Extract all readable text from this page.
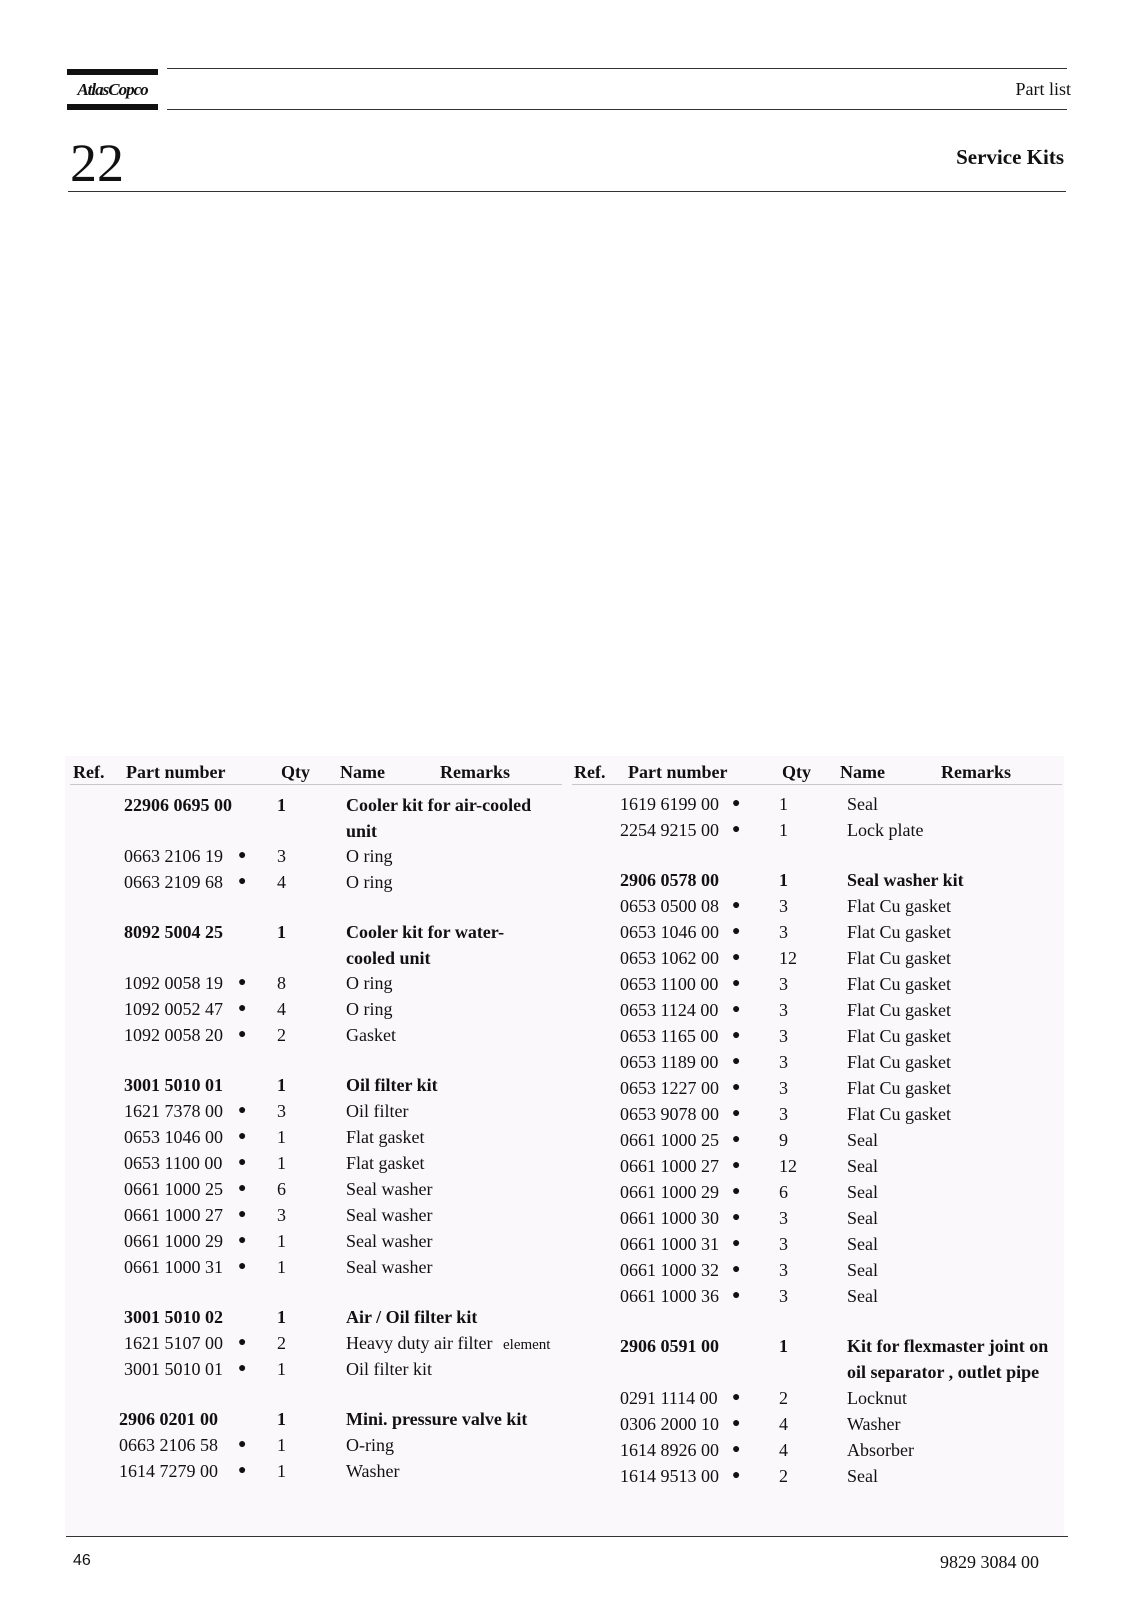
AtlasCopco	Part list
22	Service Kits
Ref. Part number	Qty Name	Remarks	Ref. Part number	Qty Name	Remarks
22906 0695 00	1	Cooler kit for air-cooled
unit
0663 2106 19 ● 3	O ring
0663 2109 68 ● 4	O ring
8092 5004 25	1	Cooler kit for water-
cooled unit
1092 0058 19 ● 8	O ring
1092 0052 47 ● 4	O ring
1092 0058 20 ● 2	Gasket
3001 5010 01	1	Oil filter kit
1621 7378 00 ● 3	Oil filter
0653 1046 00 ● 1	Flat gasket
0653 1100 00 ● 1	Flat gasket
0661 1000 25 ● 6	Seal washer
0661 1000 27 ● 3	Seal washer
0661 1000 29 ● 1	Seal washer
0661 1000 31 ● 1	Seal washer
3001 5010 02	1	Air / Oil filter kit
1621 5107 00 ● 2	Heavy duty air filter element
3001 5010 01 ● 1	Oil filter kit
2906 0201 00	1	Mini. pressure valve kit
0663 2106 58 ● 1	O-ring
1614 7279 00 ● 1	Washer
1619 6199 00 ● 1	Seal
2254 9215 00 ● 1	Lock plate
2906 0578 00	1	Seal washer kit
0653 0500 08 ● 3	Flat Cu gasket
0653 1046 00 ● 3	Flat Cu gasket
0653 1062 00 ● 12	Flat Cu gasket
0653 1100 00 ● 3	Flat Cu gasket
0653 1124 00 ● 3	Flat Cu gasket
0653 1165 00 ● 3	Flat Cu gasket
0653 1189 00 ● 3	Flat Cu gasket
0653 1227 00 ● 3	Flat Cu gasket
0653 9078 00 ● 3	Flat Cu gasket
0661 1000 25 ● 9	Seal
0661 1000 27 ● 12	Seal
0661 1000 29 ● 6	Seal
0661 1000 30 ● 3	Seal
0661 1000 31 ● 3	Seal
0661 1000 32 ● 3	Seal
0661 1000 36 ● 3	Seal
2906 0591 00	1	Kit for flexmaster joint on
oil separator , outlet pipe
0291 1114 00 ● 2	Locknut
0306 2000 10 ● 4	Washer
1614 8926 00 ● 4	Absorber
1614 9513 00 ● 2	Seal
46	9829 3084 00
